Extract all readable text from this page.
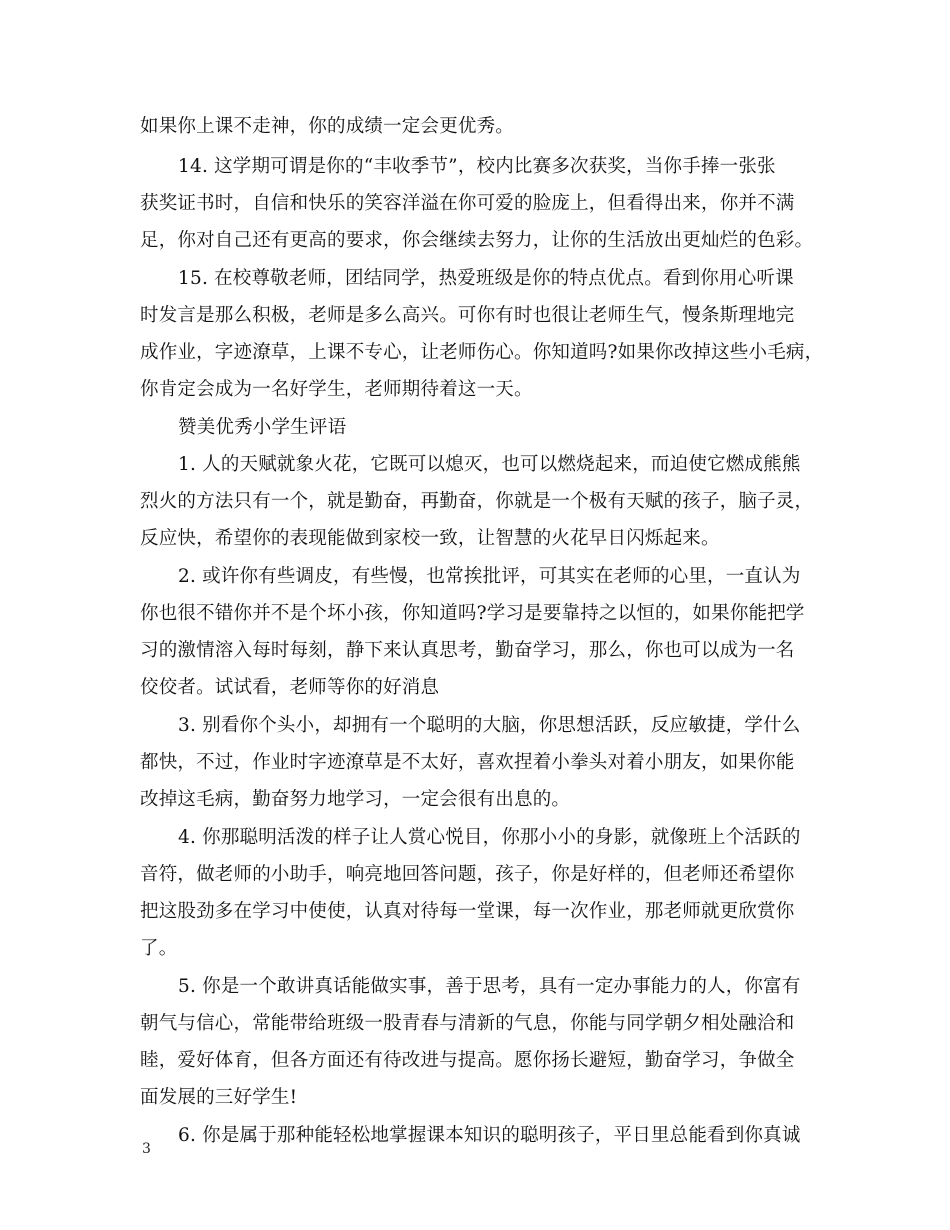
如果你上课不走神，你的成绩一定会更优秀。
14. 这学期可谓是你的“丰收季节”，校内比赛多次获奖，当你手捧一张张
获奖证书时，自信和快乐的笑容洋溢在你可爱的脸庞上，但看得出来，你并不满
足，你对自己还有更高的要求，你会继续去努力，让你的生活放出更灿烂的色彩。
15. 在校尊敬老师，团结同学，热爱班级是你的特点优点。看到你用心听课
时发言是那么积极，老师是多么高兴。可你有时也很让老师生气，慢条斯理地完
成作业，字迹潦草，上课不专心，让老师伤心。你知道吗?如果你改掉这些小毛病，
你肯定会成为一名好学生，老师期待着这一天。
赞美优秀小学生评语
1. 人的天赋就象火花，它既可以熄灭，也可以燃烧起来，而迫使它燃成熊熊
烈火的方法只有一个，就是勤奋，再勤奋，你就是一个极有天赋的孩子，脑子灵，
反应快，希望你的表现能做到家校一致，让智慧的火花早日闪烁起来。
2. 或许你有些调皮，有些慢，也常挨批评，可其实在老师的心里，一直认为
你也很不错你并不是个坏小孩，你知道吗?学习是要靠持之以恒的，如果你能把学
习的激情溶入每时每刻，静下来认真思考，勤奋学习，那么，你也可以成为一名
佼佼者。试试看，老师等你的好消息
3. 别看你个头小，却拥有一个聪明的大脑，你思想活跃，反应敏捷，学什么
都快，不过，作业时字迹潦草是不太好，喜欢捏着小拳头对着小朋友，如果你能
改掉这毛病，勤奋努力地学习，一定会很有出息的。
4. 你那聪明活泼的样子让人赏心悦目，你那小小的身影，就像班上个活跃的
音符，做老师的小助手，响亮地回答问题，孩子，你是好样的，但老师还希望你
把这股劲多在学习中使使，认真对待每一堂课，每一次作业，那老师就更欣赏你
了。
5. 你是一个敢讲真话能做实事，善于思考，具有一定办事能力的人，你富有
朝气与信心，常能带给班级一股青春与清新的气息，你能与同学朝夕相处融洽和
睦，爱好体育，但各方面还有待改进与提高。愿你扬长避短，勤奋学习，争做全
面发展的三好学生!
6. 你是属于那种能轻松地掌握课本知识的聪明孩子，平日里总能看到你真诚
3
